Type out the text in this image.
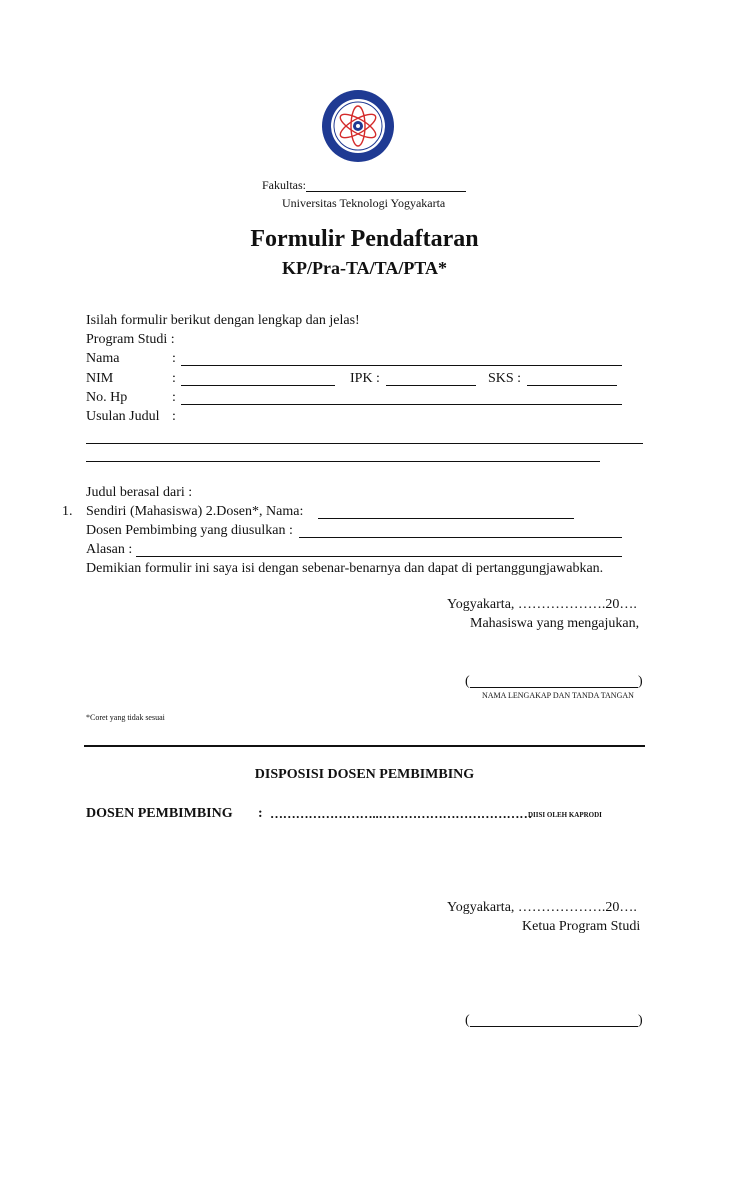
Fakultas:
Universitas Teknologi Yogyakarta
Formulir Pendaftaran
KP/Pra-TA/TA/PTA*
Isilah formulir berikut dengan lengkap dan jelas!
Program Studi :
Nama	:
NIM	:	IPK :	SKS :
No. Hp	:
Usulan Judul :
Judul berasal dari :
1. Sendiri (Mahasiswa) 2.Dosen*, Nama:
Dosen Pembimbing yang diusulkan :
Alasan :
Demikian formulir ini saya isi dengan sebenar-benarnya dan dapat di pertanggungjawabkan.
Yogyakarta, ……………….20….
Mahasiswa yang mengajukan,
(	)
NAMA LENGAKAP DAN TANDA TANGAN
*Coret yang tidak sesuai
DISPOSISI DOSEN PEMBIMBING
DOSEN PEMBIMBING : ……………………..………………………………
DIISI OLEH KAPRODI
Yogyakarta, ……………….20….
Ketua Program Studi
(	)
